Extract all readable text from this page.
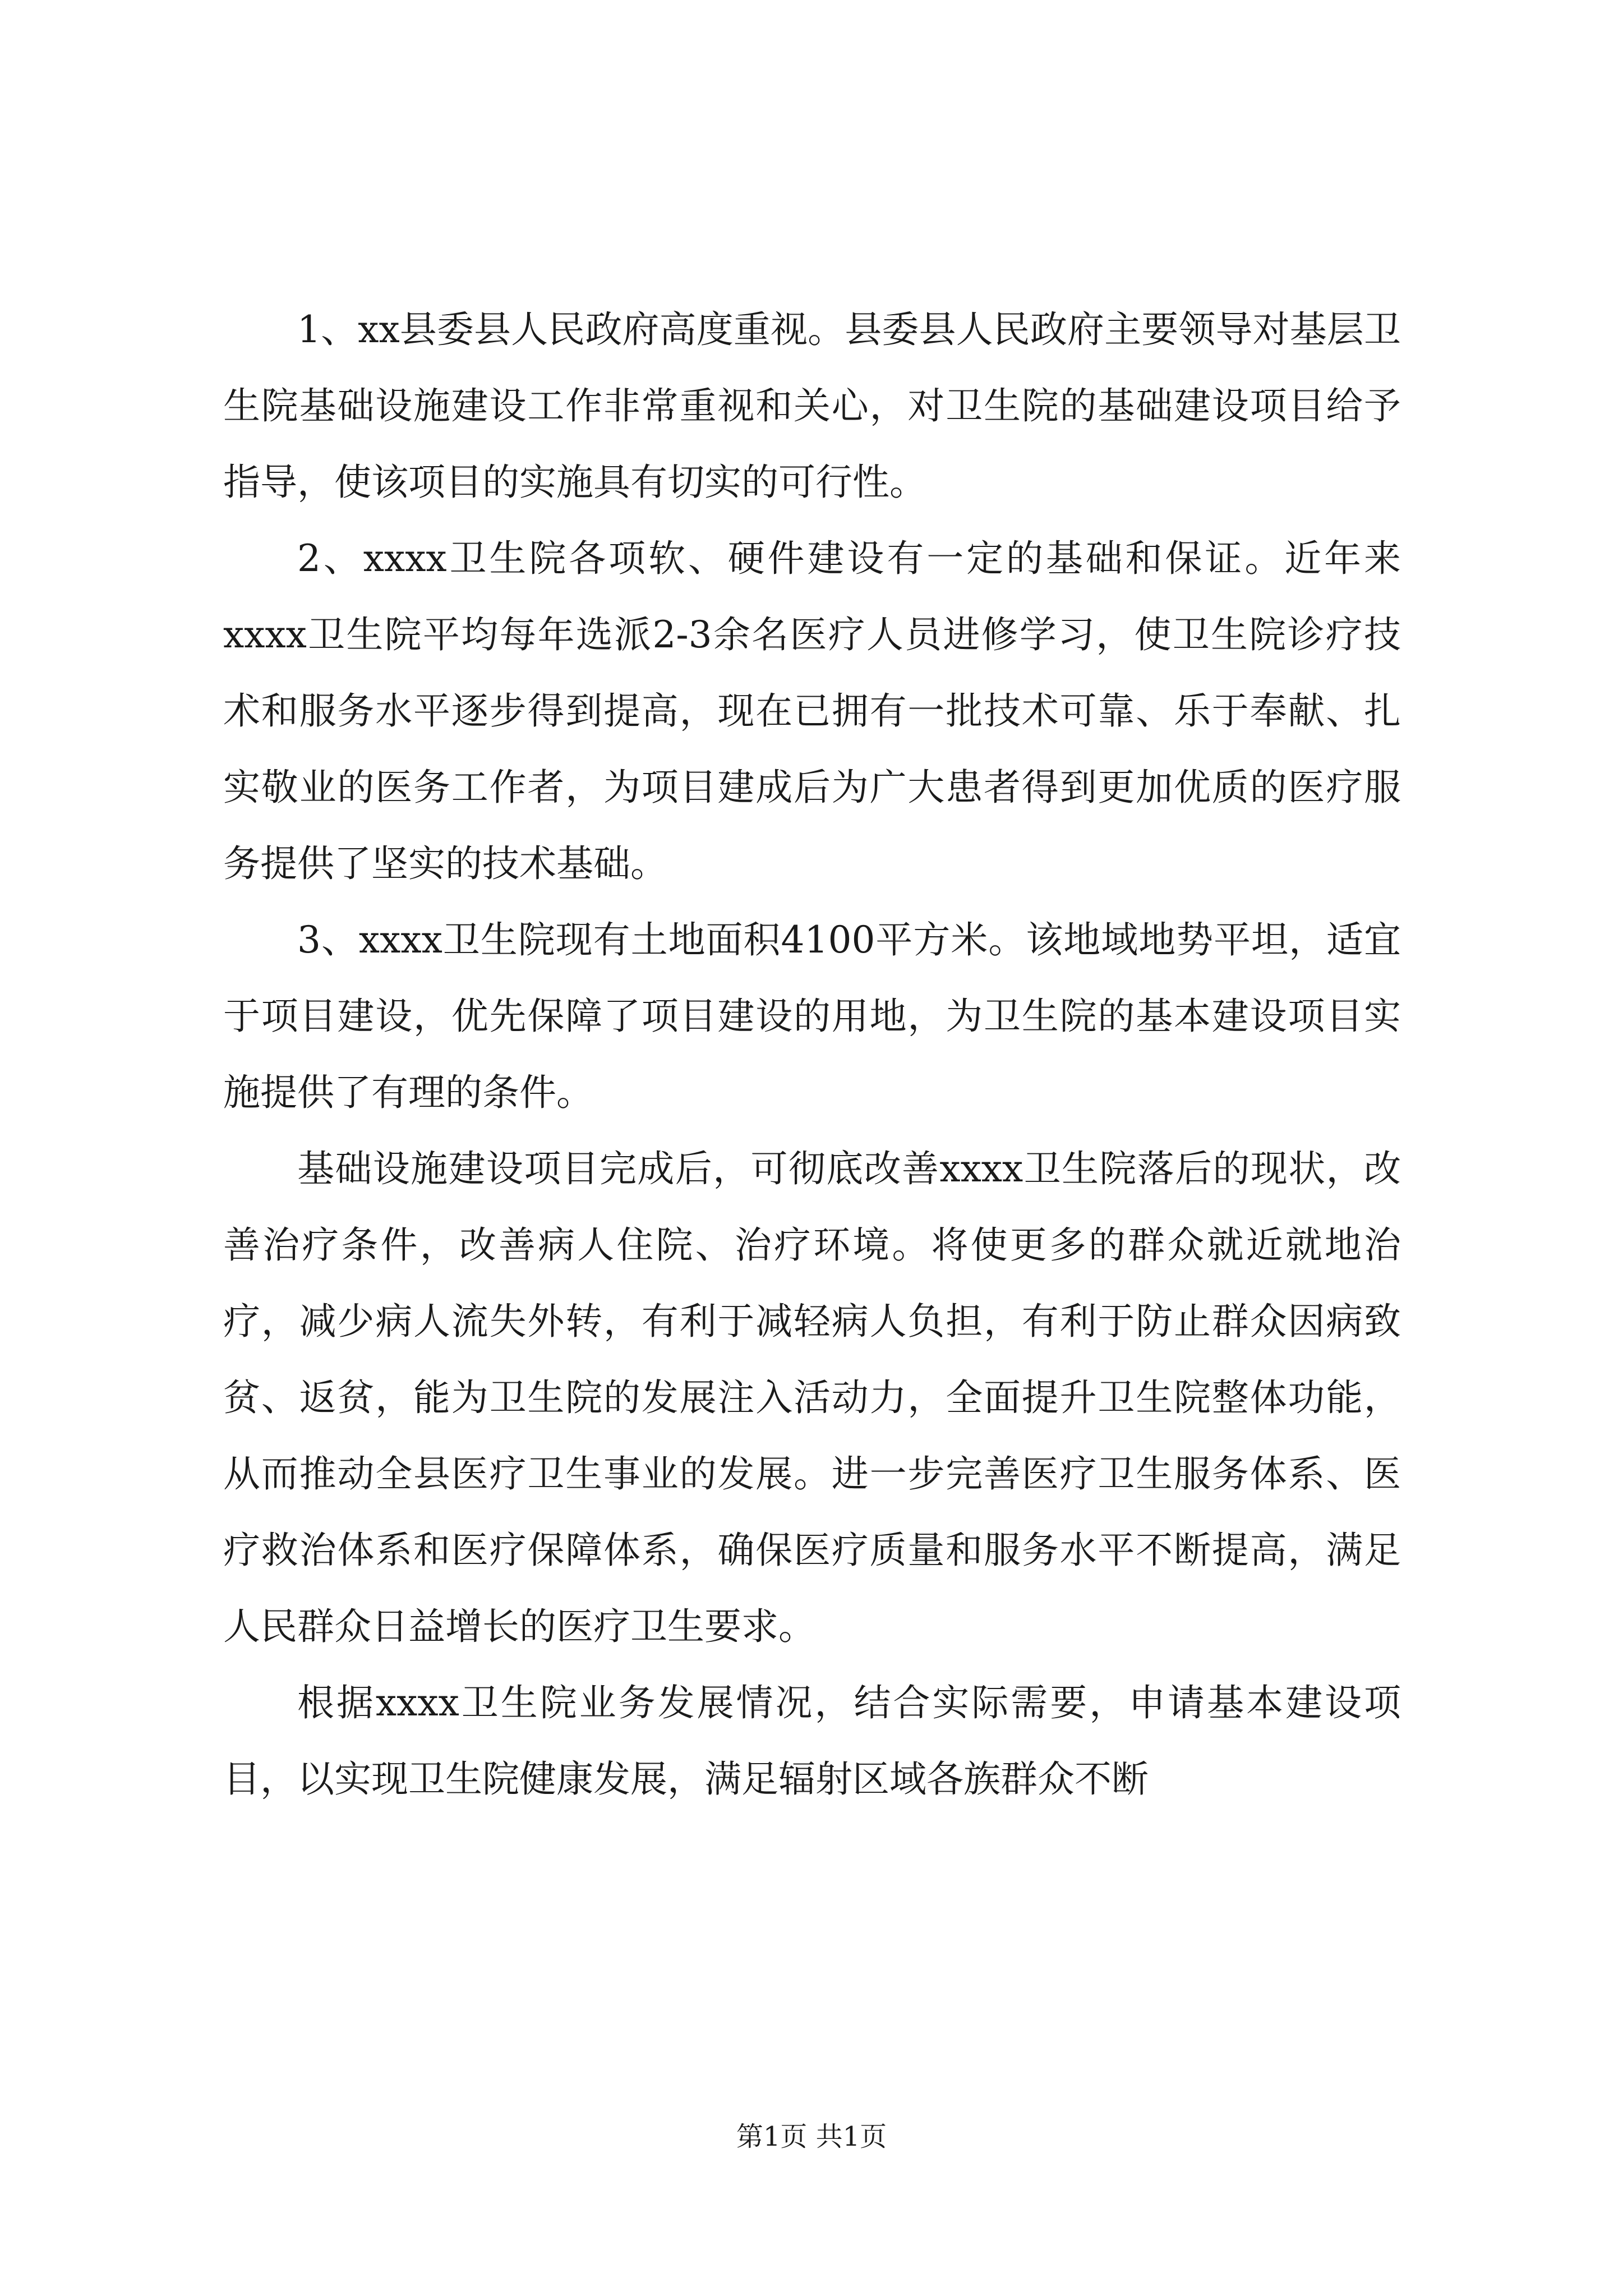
1、xx县委县人民政府高度重视。县委县人民政府主要领导对基层卫生院基础设施建设工作非常重视和关心，对卫生院的基础建设项目给予指导，使该项目的实施具有切实的可行性。

2、xxxx卫生院各项软、硬件建设有一定的基础和保证。近年来xxxx卫生院平均每年选派2-3余名医疗人员进修学习，使卫生院诊疗技术和服务水平逐步得到提高，现在已拥有一批技术可靠、乐于奉献、扎实敬业的医务工作者，为项目建成后为广大患者得到更加优质的医疗服务提供了坚实的技术基础。

3、xxxx卫生院现有土地面积4100平方米。该地域地势平坦，适宜于项目建设，优先保障了项目建设的用地，为卫生院的基本建设项目实施提供了有理的条件。

基础设施建设项目完成后，可彻底改善xxxx卫生院落后的现状，改善治疗条件，改善病人住院、治疗环境。将使更多的群众就近就地治疗，减少病人流失外转，有利于减轻病人负担，有利于防止群众因病致贫、返贫，能为卫生院的发展注入活动力，全面提升卫生院整体功能，从而推动全县医疗卫生事业的发展。进一步完善医疗卫生服务体系、医疗救治体系和医疗保障体系，确保医疗质量和服务水平不断提高，满足人民群众日益增长的医疗卫生要求。

根据xxxx卫生院业务发展情况，结合实际需要，申请基本建设项目，以实现卫生院健康发展，满足辐射区域各族群众不断

第1页 共1页
